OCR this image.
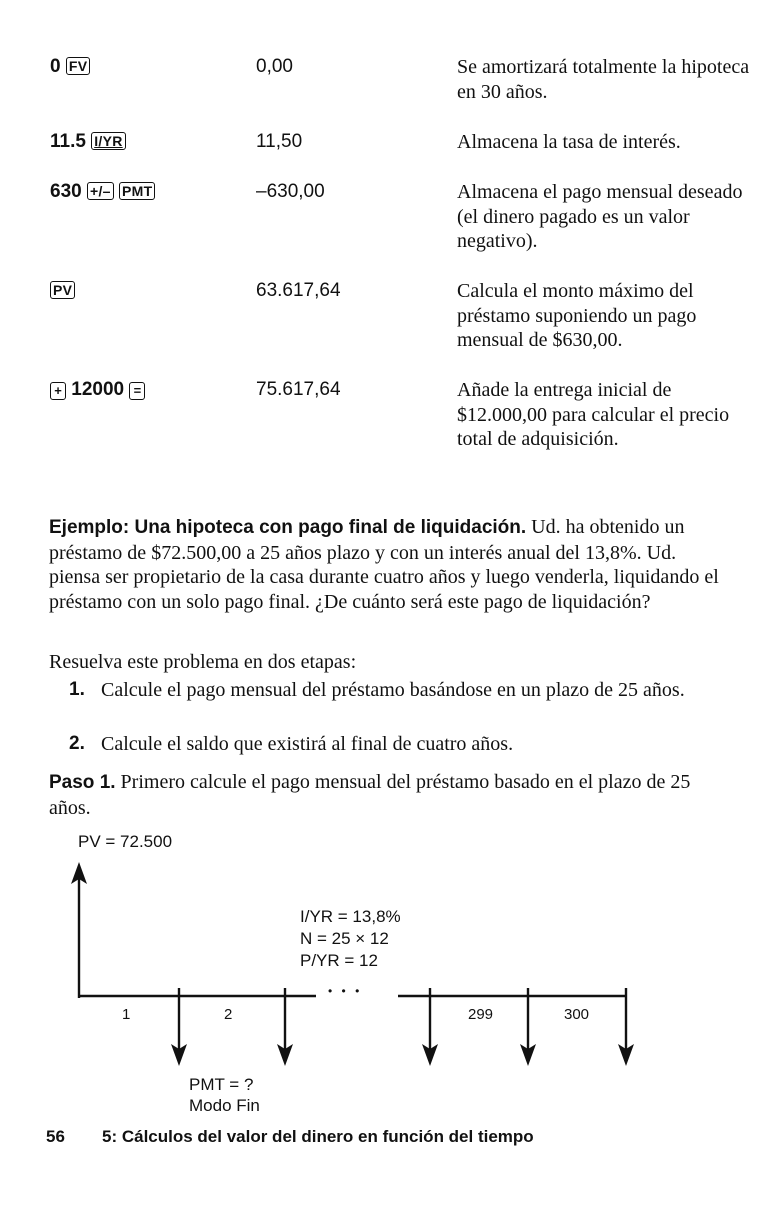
0 FV	0,00	Se amortizará totalmente la hipoteca en 30 años.
11.5 I/YR	11,50	Almacena la tasa de interés.
630 +/– PMT	–630,00	Almacena el pago mensual deseado (el dinero pagado es un valor negativo).
PV	63.617,64	Calcula el monto máximo del préstamo suponiendo un pago mensual de $630,00.
+ 12000 =	75.617,64	Añade la entrega inicial de $12.000,00 para calcular el precio total de adquisición.
Ejemplo: Una hipoteca con pago final de liquidación. Ud. ha obtenido un préstamo de $72.500,00 a 25 años plazo y con un interés anual del 13,8%. Ud. piensa ser propietario de la casa durante cuatro años y luego venderla, liquidando el préstamo con un solo pago final. ¿De cuánto será este pago de liquidación?
Resuelva este problema en dos etapas:
1. Calcule el pago mensual del préstamo basándose en un plazo de 25 años.
2. Calcule el saldo que existirá al final de cuatro años.
Paso 1. Primero calcule el pago mensual del préstamo basado en el plazo de 25 años.
PV = 72.500
I/YR = 13,8%
N = 25 × 12
P/YR = 12
• • •
1	2	299	300
PMT = ?
Modo Fin
56 5: Cálculos del valor del dinero en función del tiempo
